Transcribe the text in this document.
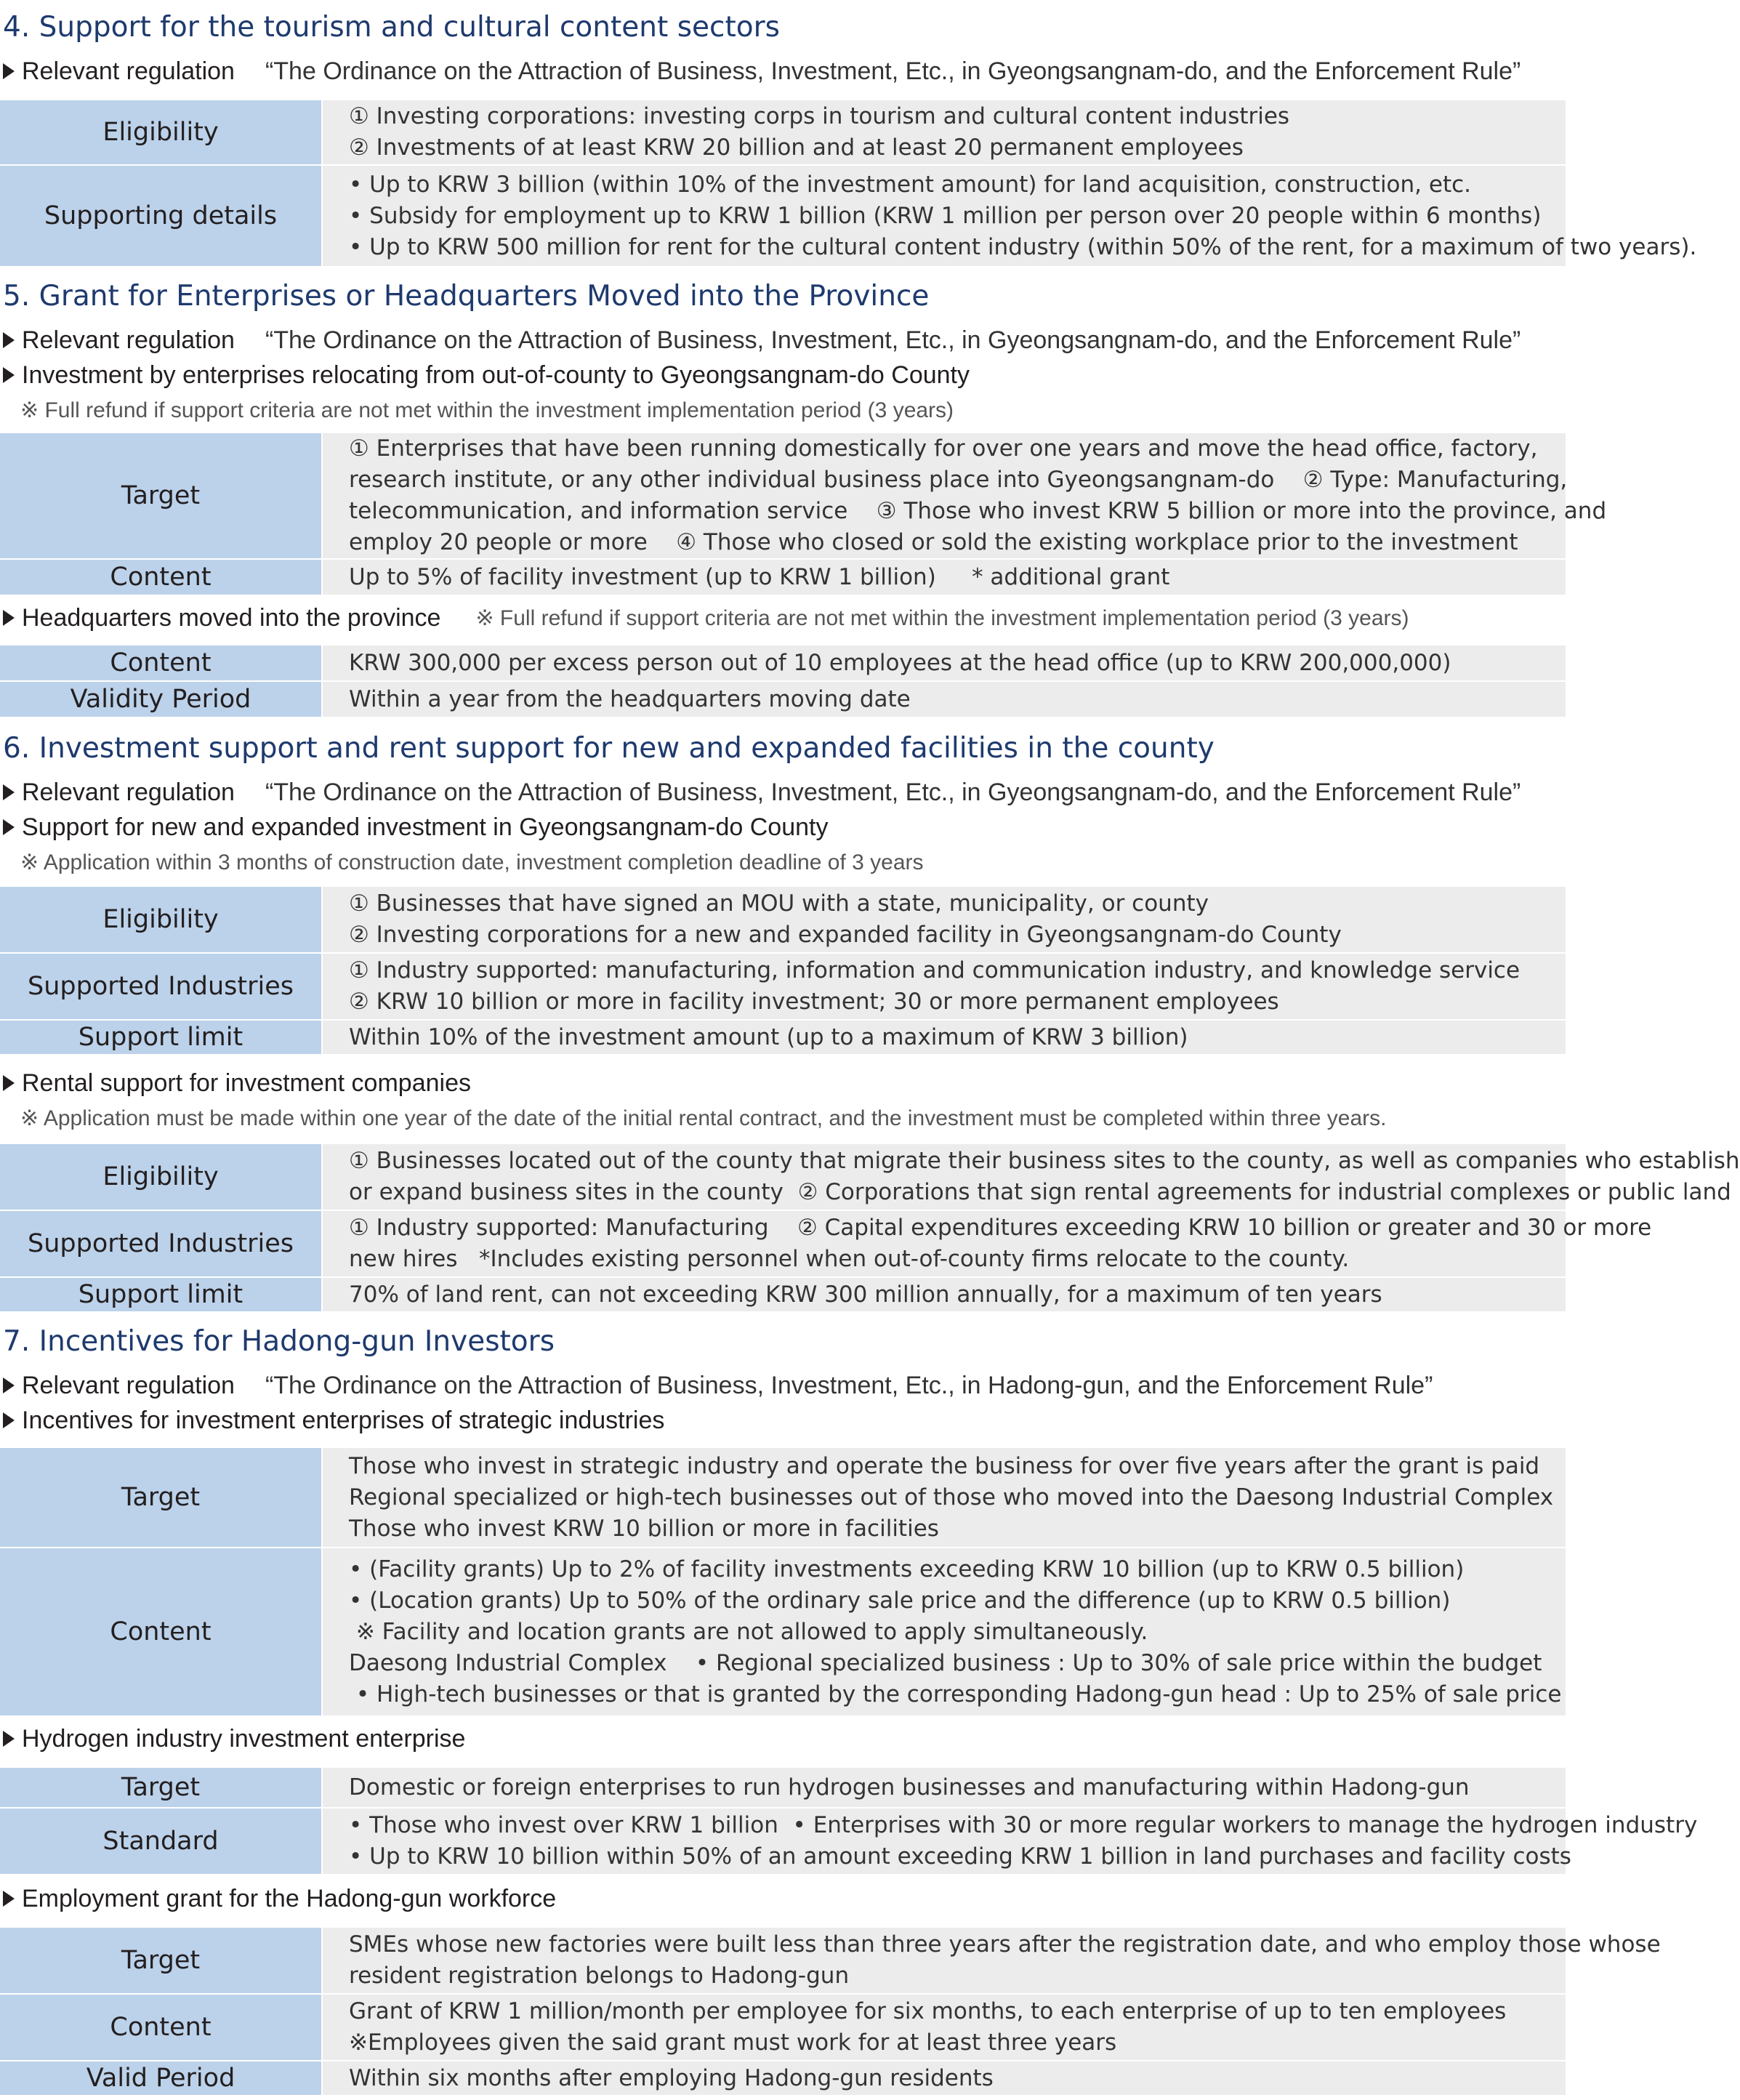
4. Support for the tourism and cultural content sectors
Relevant regulation “The Ordinance on the Attraction of Business, Investment, Etc., in Gyeongsangnam-do, and the Enforcement Rule”
Eligibility	① Investing corporations: investing corps in tourism and cultural content industries
② Investments of at least KRW 20 billion and at least 20 permanent employees

Supporting details	• Up to KRW 3 billion (within 10% of the investment amount) for land acquisition, construction, etc.
• Subsidy for employment up to KRW 1 billion (KRW 1 million per person over 20 people within 6 months)
• Up to KRW 500 million for rent for the cultural content industry (within 50% of the rent, for a maximum of two years).
5. Grant for Enterprises or Headquarters Moved into the Province
Relevant regulation “The Ordinance on the Attraction of Business, Investment, Etc., in Gyeongsangnam-do, and the Enforcement Rule”
Investment by enterprises relocating from out-of-county to Gyeongsangnam-do County
※ Full refund if support criteria are not met within the investment implementation period (3 years)
Target	① Enterprises that have been running domestically for over one years and move the head office, factory,
research institute, or any other individual business place into Gyeongsangnam-do    ② Type: Manufacturing,
telecommunication, and information service    ③ Those who invest KRW 5 billion or more into the province, and
employ 20 people or more    ④ Those who closed or sold the existing workplace prior to the investment

Content	Up to 5% of facility investment (up to KRW 1 billion)     * additional grant
Headquarters moved into the province ※ Full refund if support criteria are not met within the investment implementation period (3 years)
Content	KRW 300,000 per excess person out of 10 employees at the head office (up to KRW 200,000,000)

Validity Period	Within a year from the headquarters moving date
6. Investment support and rent support for new and expanded facilities in the county
Relevant regulation “The Ordinance on the Attraction of Business, Investment, Etc., in Gyeongsangnam-do, and the Enforcement Rule”
Support for new and expanded investment in Gyeongsangnam-do County
※ Application within 3 months of construction date, investment completion deadline of 3 years
Eligibility	① Businesses that have signed an MOU with a state, municipality, or county
② Investing corporations for a new and expanded facility in Gyeongsangnam-do County

Supported Industries	① Industry supported: manufacturing, information and communication industry, and knowledge service
② KRW 10 billion or more in facility investment; 30 or more permanent employees

Support limit	Within 10% of the investment amount (up to a maximum of KRW 3 billion)
Rental support for investment companies
※ Application must be made within one year of the date of the initial rental contract, and the investment must be completed within three years.
Eligibility	① Businesses located out of the county that migrate their business sites to the county, as well as companies who establish
or expand business sites in the county  ② Corporations that sign rental agreements for industrial complexes or public land

Supported Industries	① Industry supported: Manufacturing    ② Capital expenditures exceeding KRW 10 billion or greater and 30 or more
new hires   *Includes existing personnel when out-of-county firms relocate to the county.

Support limit	70% of land rent, can not exceeding KRW 300 million annually, for a maximum of ten years
7. Incentives for Hadong-gun Investors
Relevant regulation “The Ordinance on the Attraction of Business, Investment, Etc., in Hadong-gun, and the Enforcement Rule”
Incentives for investment enterprises of strategic industries
Target	Those who invest in strategic industry and operate the business for over five years after the grant is paid
Regional specialized or high-tech businesses out of those who moved into the Daesong Industrial Complex
Those who invest KRW 10 billion or more in facilities

Content	• (Facility grants) Up to 2% of facility investments exceeding KRW 10 billion (up to KRW 0.5 billion)
• (Location grants) Up to 50% of the ordinary sale price and the difference (up to KRW 0.5 billion)
※ Facility and location grants are not allowed to apply simultaneously.
Daesong Industrial Complex    • Regional specialized business : Up to 30% of sale price within the budget
• High-tech businesses or that is granted by the corresponding Hadong-gun head : Up to 25% of sale price
Hydrogen industry investment enterprise
Target	Domestic or foreign enterprises to run hydrogen businesses and manufacturing within Hadong-gun

Standard	• Those who invest over KRW 1 billion  • Enterprises with 30 or more regular workers to manage the hydrogen industry
• Up to KRW 10 billion within 50% of an amount exceeding KRW 1 billion in land purchases and facility costs
Employment grant for the Hadong-gun workforce
Target	SMEs whose new factories were built less than three years after the registration date, and who employ those whose
resident registration belongs to Hadong-gun

Content	Grant of KRW 1 million/month per employee for six months, to each enterprise of up to ten employees
※Employees given the said grant must work for at least three years

Valid Period	Within six months after employing Hadong-gun residents
